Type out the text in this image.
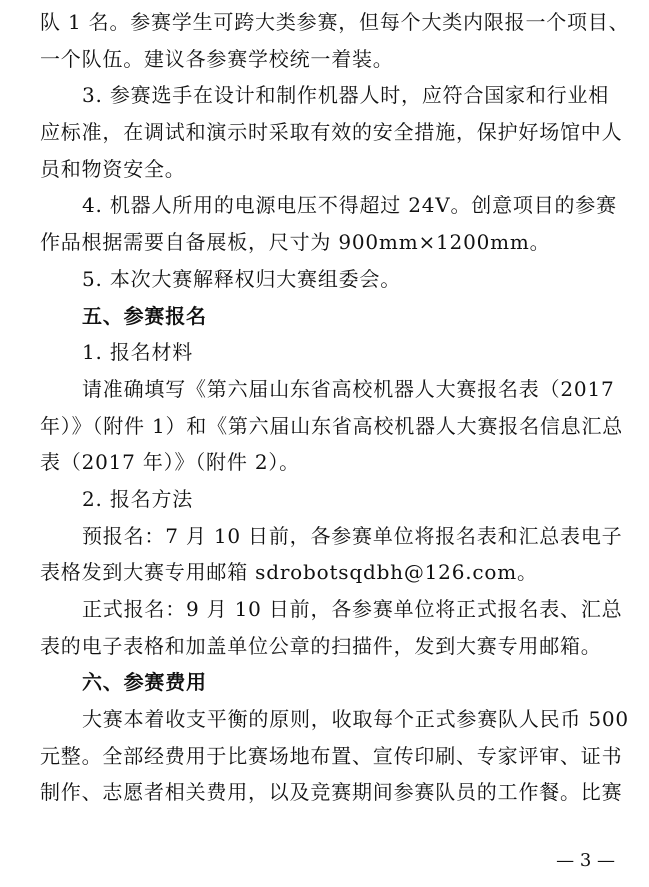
队 1 名。参赛学生可跨大类参赛，但每个大类内限报一个项目、
一个队伍。建议各参赛学校统一着装。
3. 参赛选手在设计和制作机器人时，应符合国家和行业相
应标准，在调试和演示时采取有效的安全措施，保护好场馆中人
员和物资安全。
4. 机器人所用的电源电压不得超过 24V。创意项目的参赛
作品根据需要自备展板，尺寸为 900mm×1200mm。
5. 本次大赛解释权归大赛组委会。
五、参赛报名
1. 报名材料
请准确填写《第六届山东省高校机器人大赛报名表（2017
年）》（附件 1）和《第六届山东省高校机器人大赛报名信息汇总
表（2017 年）》（附件 2）。
2. 报名方法
预报名：7 月 10 日前，各参赛单位将报名表和汇总表电子
表格发到大赛专用邮箱 sdrobotsqdbh@126.com。
正式报名：9 月 10 日前，各参赛单位将正式报名表、汇总
表的电子表格和加盖单位公章的扫描件，发到大赛专用邮箱。
六、参赛费用
大赛本着收支平衡的原则，收取每个正式参赛队人民币 500
元整。全部经费用于比赛场地布置、宣传印刷、专家评审、证书
制作、志愿者相关费用，以及竞赛期间参赛队员的工作餐。比赛
— 3 —
